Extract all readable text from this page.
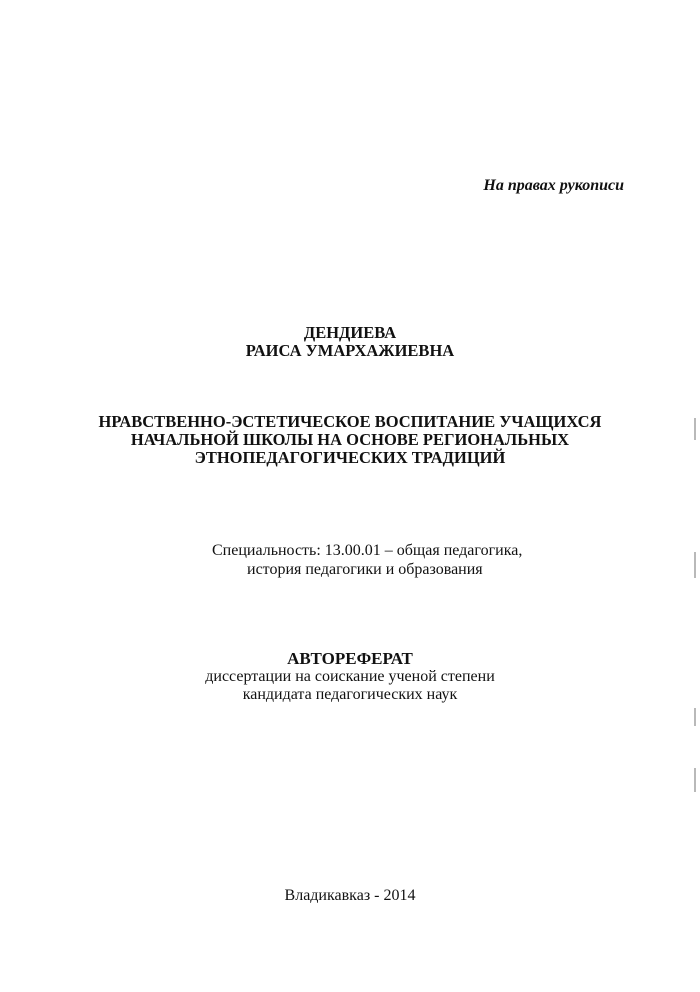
На правах рукописи
ДЕНДИЕВА
РАИСА УМАРХАЖИЕВНА
НРАВСТВЕННО-ЭСТЕТИЧЕСКОЕ ВОСПИТАНИЕ УЧАЩИХСЯ
НАЧАЛЬНОЙ ШКОЛЫ НА ОСНОВЕ РЕГИОНАЛЬНЫХ
ЭТНОПЕДАГОГИЧЕСКИХ ТРАДИЦИЙ
Специальность: 13.00.01 – общая педагогика,
история педагогики и образования
АВТОРЕФЕРАТ
диссертации на соискание ученой степени
кандидата педагогических наук
Владикавказ - 2014
